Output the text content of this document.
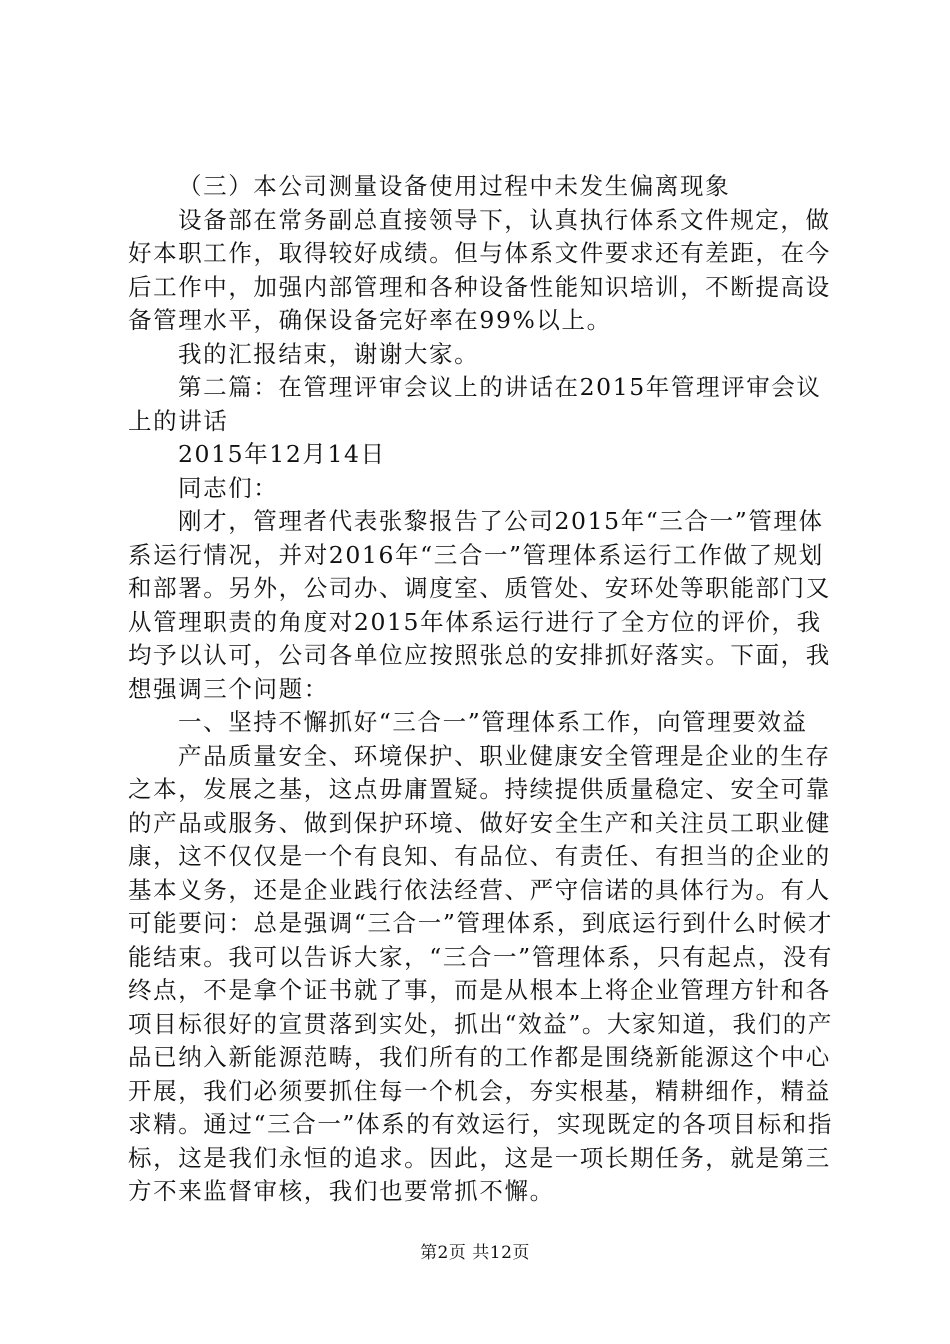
（三）本公司测量设备使用过程中未发生偏离现象

设备部在常务副总直接领导下，认真执行体系文件规定，做好本职工作，取得较好成绩。但与体系文件要求还有差距，在今后工作中，加强内部管理和各种设备性能知识培训，不断提高设备管理水平，确保设备完好率在99%以上。

我的汇报结束，谢谢大家。

第二篇：在管理评审会议上的讲话在2015年管理评审会议上的讲话

2015年12月14日

同志们：

刚才，管理者代表张黎报告了公司2015年“三合一”管理体系运行情况，并对2016年“三合一”管理体系运行工作做了规划和部署。另外，公司办、调度室、质管处、安环处等职能部门又从管理职责的角度对2015年体系运行进行了全方位的评价，我均予以认可，公司各单位应按照张总的安排抓好落实。下面，我想强调三个问题：

一、坚持不懈抓好“三合一”管理体系工作，向管理要效益

产品质量安全、环境保护、职业健康安全管理是企业的生存之本，发展之基，这点毋庸置疑。持续提供质量稳定、安全可靠的产品或服务、做到保护环境、做好安全生产和关注员工职业健康，这不仅仅是一个有良知、有品位、有责任、有担当的企业的基本义务，还是企业践行依法经营、严守信诺的具体行为。有人可能要问：总是强调“三合一”管理体系，到底运行到什么时候才能结束。我可以告诉大家，“三合一”管理体系，只有起点，没有终点，不是拿个证书就了事，而是从根本上将企业管理方针和各项目标很好的宣贯落到实处，抓出“效益”。大家知道，我们的产品已纳入新能源范畴，我们所有的工作都是围绕新能源这个中心开展，我们必须要抓住每一个机会，夯实根基，精耕细作，精益求精。通过“三合一”体系的有效运行，实现既定的各项目标和指标，这是我们永恒的追求。因此，这是一项长期任务，就是第三方不来监督审核，我们也要常抓不懈。

第2页 共12页
